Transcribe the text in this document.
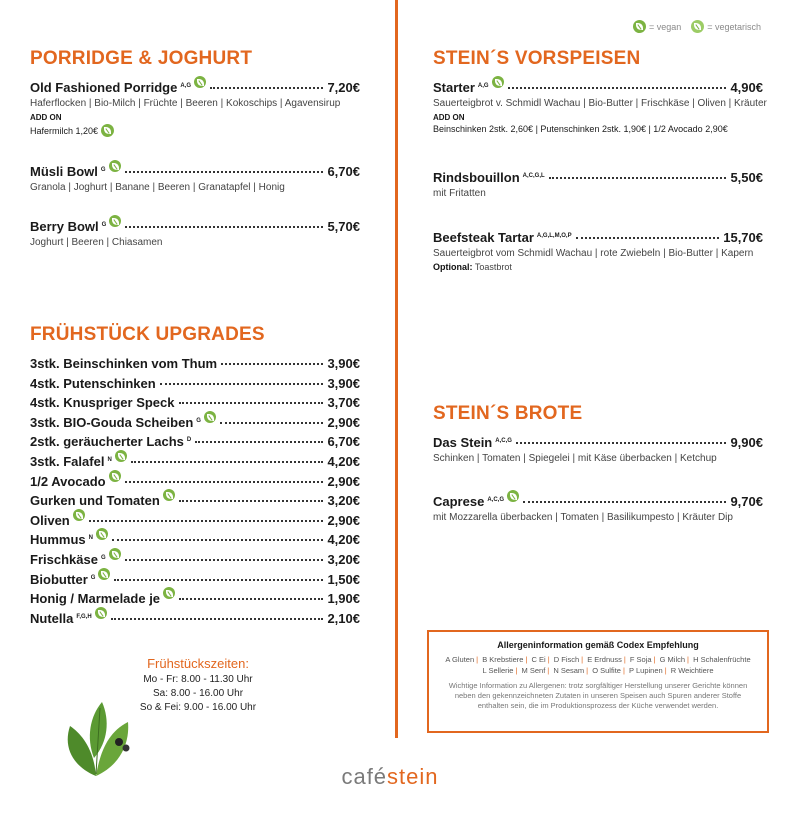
= vegan	= vegetarisch
PORRIDGE & JOGHURT
Old Fashioned Porridge $^{A,G}$	7,20€
Haferflocken | Bio-Milch | Früchte | Beeren | Kokoschips | Agavensirup
ADD ON
Hafermilch 1,20€
Müsli Bowl $^G$	6,70€
Granola | Joghurt | Banane | Beeren | Granatapfel | Honig
Berry Bowl $^G$	5,70€
Joghurt | Beeren | Chiasamen
FRÜHSTÜCK UPGRADES
3stk. Beinschinken vom Thum	3,90€
4stk. Putenschinken	3,90€
4stk. Knuspriger Speck	3,70€
3stk. BIO-Gouda Scheiben $^G$	2,90€
2stk. geräucherter Lachs $^D$	6,70€
3stk. Falafel $^N$	4,20€
1/2 Avocado	2,90€
Gurken und Tomaten	3,20€
Oliven	2,90€
Hummus $^N$	4,20€
Frischkäse $^G$	3,20€
Biobutter $^G$	1,50€
Honig / Marmelade je	1,90€
Nutella $^{F,G,H}$	2,10€
Frühstückszeiten:
Mo - Fr: 8.00 - 11.30 Uhr
Sa: 8.00 - 16.00 Uhr
So & Fei: 9.00 - 16.00 Uhr
STEIN´S VORSPEISEN
Starter $^{A,G}$	4,90€
Sauerteigbrot v. Schmidl Wachau | Bio-Butter | Frischkäse | Oliven | Kräuter
ADD ON
Beinschinken 2stk. 2,60€ | Putenschinken 2stk. 1,90€ | 1/2 Avocado 2,90€
Rindsbouillon $^{A,C,G,L}$	5,50€
mit Fritatten
Beefsteak Tartar $^{A,G,L,M,O,P}$	15,70€
Sauerteigbrot vom Schmidl Wachau | rote Zwiebeln | Bio-Butter | Kapern
Optional: Toastbrot
STEIN´S BROTE
Das Stein $^{A,C,G}$	9,90€
Schinken | Tomaten | Spiegelei | mit Käse überbacken | Ketchup
Caprese $^{A,C,G}$	9,70€
mit Mozzarella überbacken | Tomaten | Basilikumpesto | Kräuter Dip
Allergeninformation gemäß Codex Empfehlung
A Gluten | B Krebstiere | C Ei | D Fisch | E Erdnuss | F Soja | G Milch | H Schalenfrüchte
L Sellerie | M Senf | N Sesam | O Sulfite | P Lupinen | R Weichtiere
Wichtige Information zu Allergenen: trotz sorgfältiger Herstellung unserer Gerichte können neben den gekennzeichneten Zutaten in unseren Speisen auch Spuren anderer Stoffe enthalten sein, die im Produktionsprozess der Küche verwendet werden.
caféstein
